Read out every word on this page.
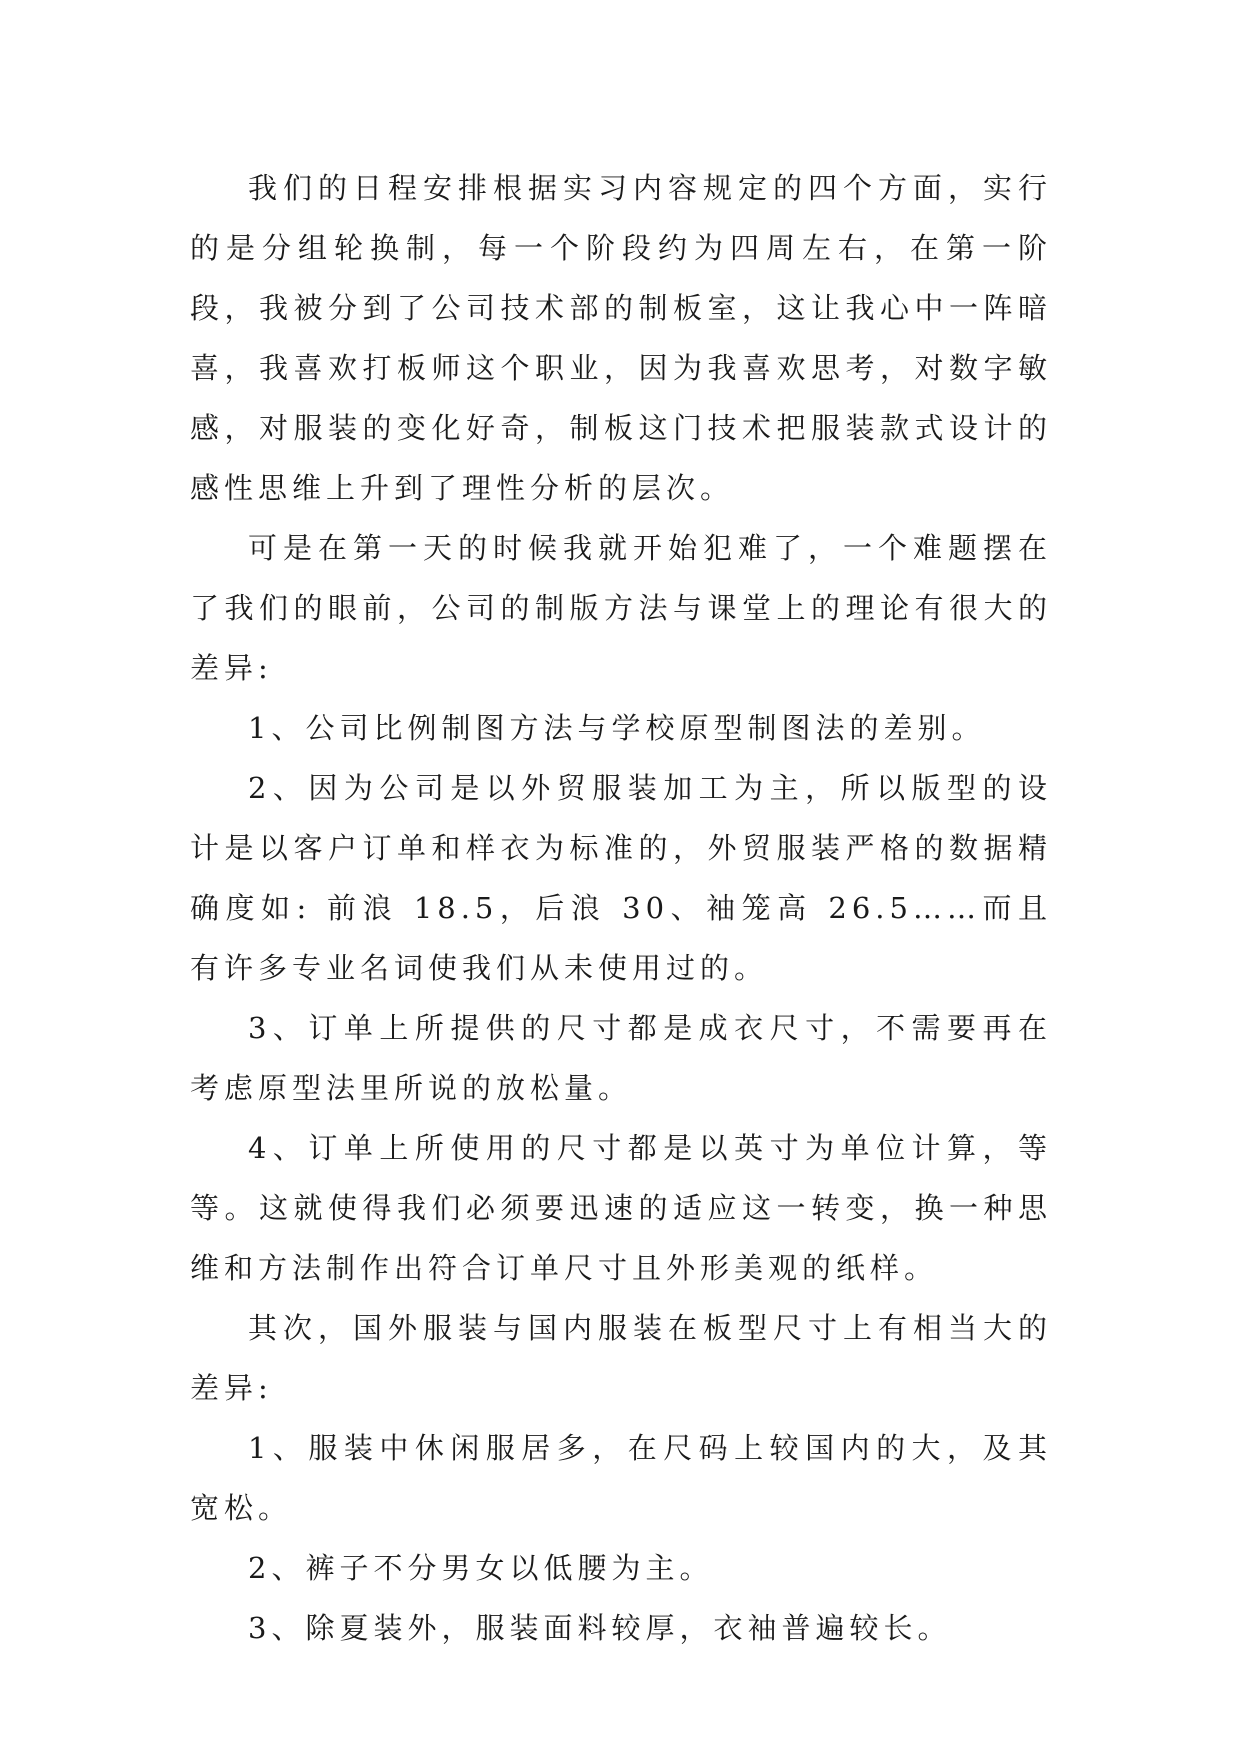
我们的日程安排根据实习内容规定的四个方面，实行的是分组轮换制，每一个阶段约为四周左右，在第一阶段，我被分到了公司技术部的制板室，这让我心中一阵暗喜，我喜欢打板师这个职业，因为我喜欢思考，对数字敏感，对服装的变化好奇，制板这门技术把服装款式设计的感性思维上升到了理性分析的层次。

可是在第一天的时候我就开始犯难了，一个难题摆在了我们的眼前，公司的制版方法与课堂上的理论有很大的差异:

1、公司比例制图方法与学校原型制图法的差别。

2、因为公司是以外贸服装加工为主，所以版型的设计是以客户订单和样衣为标准的，外贸服装严格的数据精确度如: 前浪 18.5，后浪 30、袖笼高 26.5……而且有许多专业名词使我们从未使用过的。

3、订单上所提供的尺寸都是成衣尺寸，不需要再在考虑原型法里所说的放松量。

4、订单上所使用的尺寸都是以英寸为单位计算，等等。这就使得我们必须要迅速的适应这一转变，换一种思维和方法制作出符合订单尺寸且外形美观的纸样。

其次，国外服装与国内服装在板型尺寸上有相当大的差异:

1、服装中休闲服居多，在尺码上较国内的大，及其宽松。

2、裤子不分男女以低腰为主。

3、除夏装外，服装面料较厚，衣袖普遍较长。
